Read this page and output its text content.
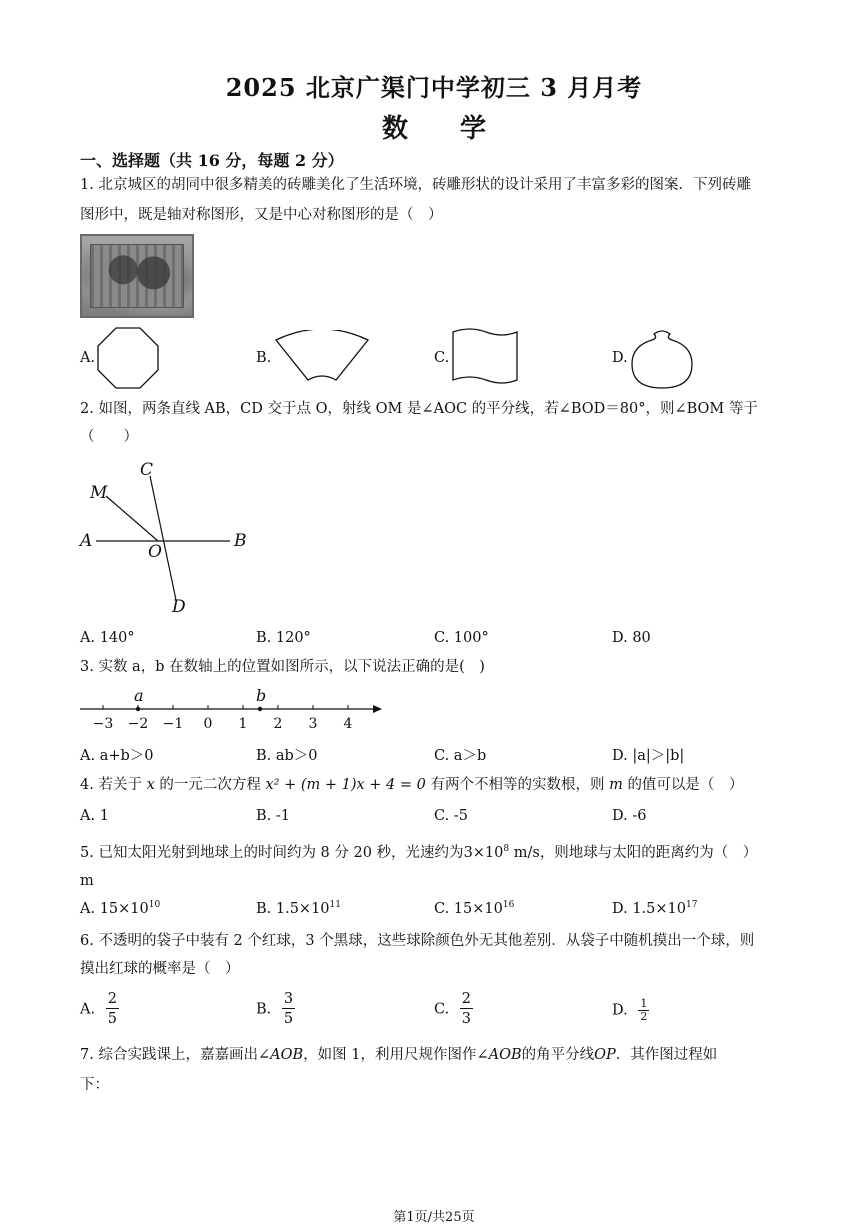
2025 北京广渠门中学初三 3 月月考
数　　学
一、选择题（共 16 分，每题 2 分）
1. 北京城区的胡同中很多精美的砖雕美化了生活环境，砖雕形状的设计采用了丰富多彩的图案．下列砖雕
图形中，既是轴对称图形，又是中心对称图形的是（　）
A.	B.	C.	D.
2. 如图，两条直线 AB，CD 交于点 O，射线 OM 是∠AOC 的平分线，若∠BOD＝80°，则∠BOM 等于
（　　）
C
M
A
O
B
D
A. 140°	B. 120°	C. 100°	D. 80
3. 实数 a，b 在数轴上的位置如图所示，以下说法正确的是(　)
a	b
−3 −2 −1 0 1 2 3 4
A. a+b＞0	B. ab＞0	C. a＞b	D. |a|＞|b|
4. 若关于 x 的一元二次方程 x² + (m + 1)x + 4 = 0 有两个不相等的实数根，则 m 的值可以是（　）
A. 1	B. -1	C. -5	D. -6
5. 已知太阳光射到地球上的时间约为 8 分 20 秒，光速约为$3\times 10^8$ m/s，则地球与太阳的距离约为（　）
m
A. $15\times 10^{10}$	B. $1.5\times 10^{11}$	C. $15\times 10^{16}$	D. $1.5\times 10^{17}$
6. 不透明的袋子中装有 2 个红球，3 个黑球，这些球除颜色外无其他差别．从袋子中随机摸出一个球，则
摸出红球的概率是（　）
A. $\frac{2}{5}$	B. $\frac{3}{5}$	C. $\frac{2}{3}$	D. $\frac{1}{2}$
7. 综合实践课上，嘉嘉画出∠AOB，如图 1，利用尺规作图作∠AOB的角平分线OP．其作图过程如
下：
第1页/共25页
